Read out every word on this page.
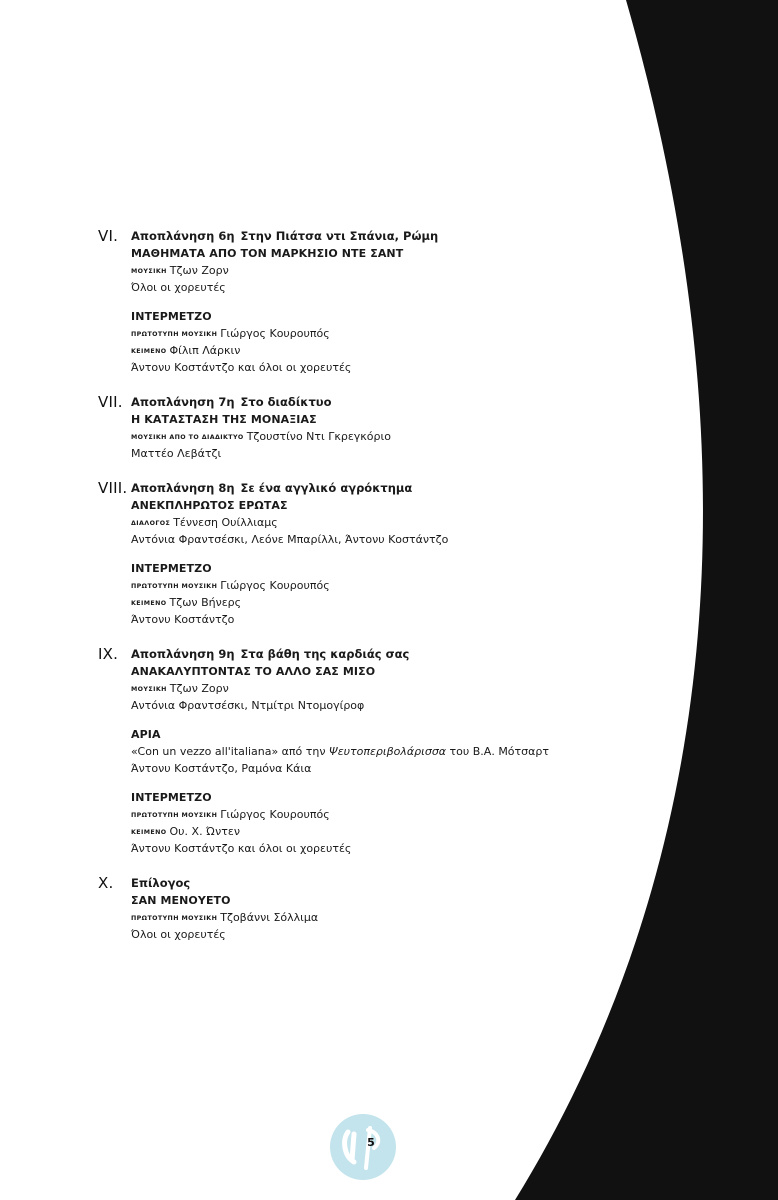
VI.	Αποπλάνηση 6η Στην Πιάτσα ντι Σπάνια, Ρώμη
ΜΑΘΗΜΑΤΑ ΑΠΟ ΤΟΝ ΜΑΡΚΗΣΙΟ ΝΤΕ ΣΑΝΤ
ΜΟΥΣΙΚΗ Τζων Ζορν
Όλοι οι χορευτές
ΙΝΤΕΡΜΕΤΖΟ
ΠΡΩΤΟΤΥΠΗ ΜΟΥΣΙΚΗ Γιώργος Κουρουπός
ΚΕΙΜΕΝΟ Φίλιπ Λάρκιν
Άντονυ Κοστάντζο και όλοι οι χορευτές
VII. Αποπλάνηση 7η Στο διαδίκτυο
Η ΚΑΤΑΣΤΑΣΗ ΤΗΣ ΜΟΝΑΞΙΑΣ
ΜΟΥΣΙΚΗ ΑΠΟ ΤΟ ΔΙΑΔΙΚΤΥΟ Τζουστίνο Ντι Γκρεγκόριο
Ματτέο Λεβάτζι
VIII. Αποπλάνηση 8η Σε ένα αγγλικό αγρόκτημα
ΑΝΕΚΠΛΗΡΩΤΟΣ ΕΡΩΤΑΣ
ΔΙΑΛΟΓΟΣ Τέννεση Ουίλλιαμς
Αντόνια Φραντσέσκι, Λεόνε Μπαρίλλι, Άντονυ Κοστάντζο
ΙΝΤΕΡΜΕΤΖΟ
ΠΡΩΤΟΤΥΠΗ ΜΟΥΣΙΚΗ Γιώργος Κουρουπός
ΚΕΙΜΕΝΟ Τζων Βήνερς
Άντονυ Κοστάντζο
IX.	Αποπλάνηση 9η Στα βάθη της καρδιάς σας
ΑΝΑΚΑΛΥΠΤΟΝΤΑΣ ΤΟ ΑΛΛΟ ΣΑΣ ΜΙΣΟ
ΜΟΥΣΙΚΗ Τζων Ζορν
Αντόνια Φραντσέσκι, Ντμίτρι Ντομογίροφ
ΑΡΙΑ
«Con un vezzo all'italiana» από την Ψευτοπεριβολάρισσα του Β.Α. Μότσαρτ
Άντονυ Κοστάντζο, Ραμόνα Κάια
ΙΝΤΕΡΜΕΤΖΟ
ΠΡΩΤΟΤΥΠΗ ΜΟΥΣΙΚΗ Γιώργος Κουρουπός
ΚΕΙΜΕΝΟ Ου. Χ. Ώντεν
Άντονυ Κοστάντζο και όλοι οι χορευτές
X.	Επίλογος
ΣΑΝ ΜΕΝΟΥΕΤΟ
ΠΡΩΤΟΤΥΠΗ ΜΟΥΣΙΚΗ Τζοβάννι Σόλλιμα
Όλοι οι χορευτές
5
